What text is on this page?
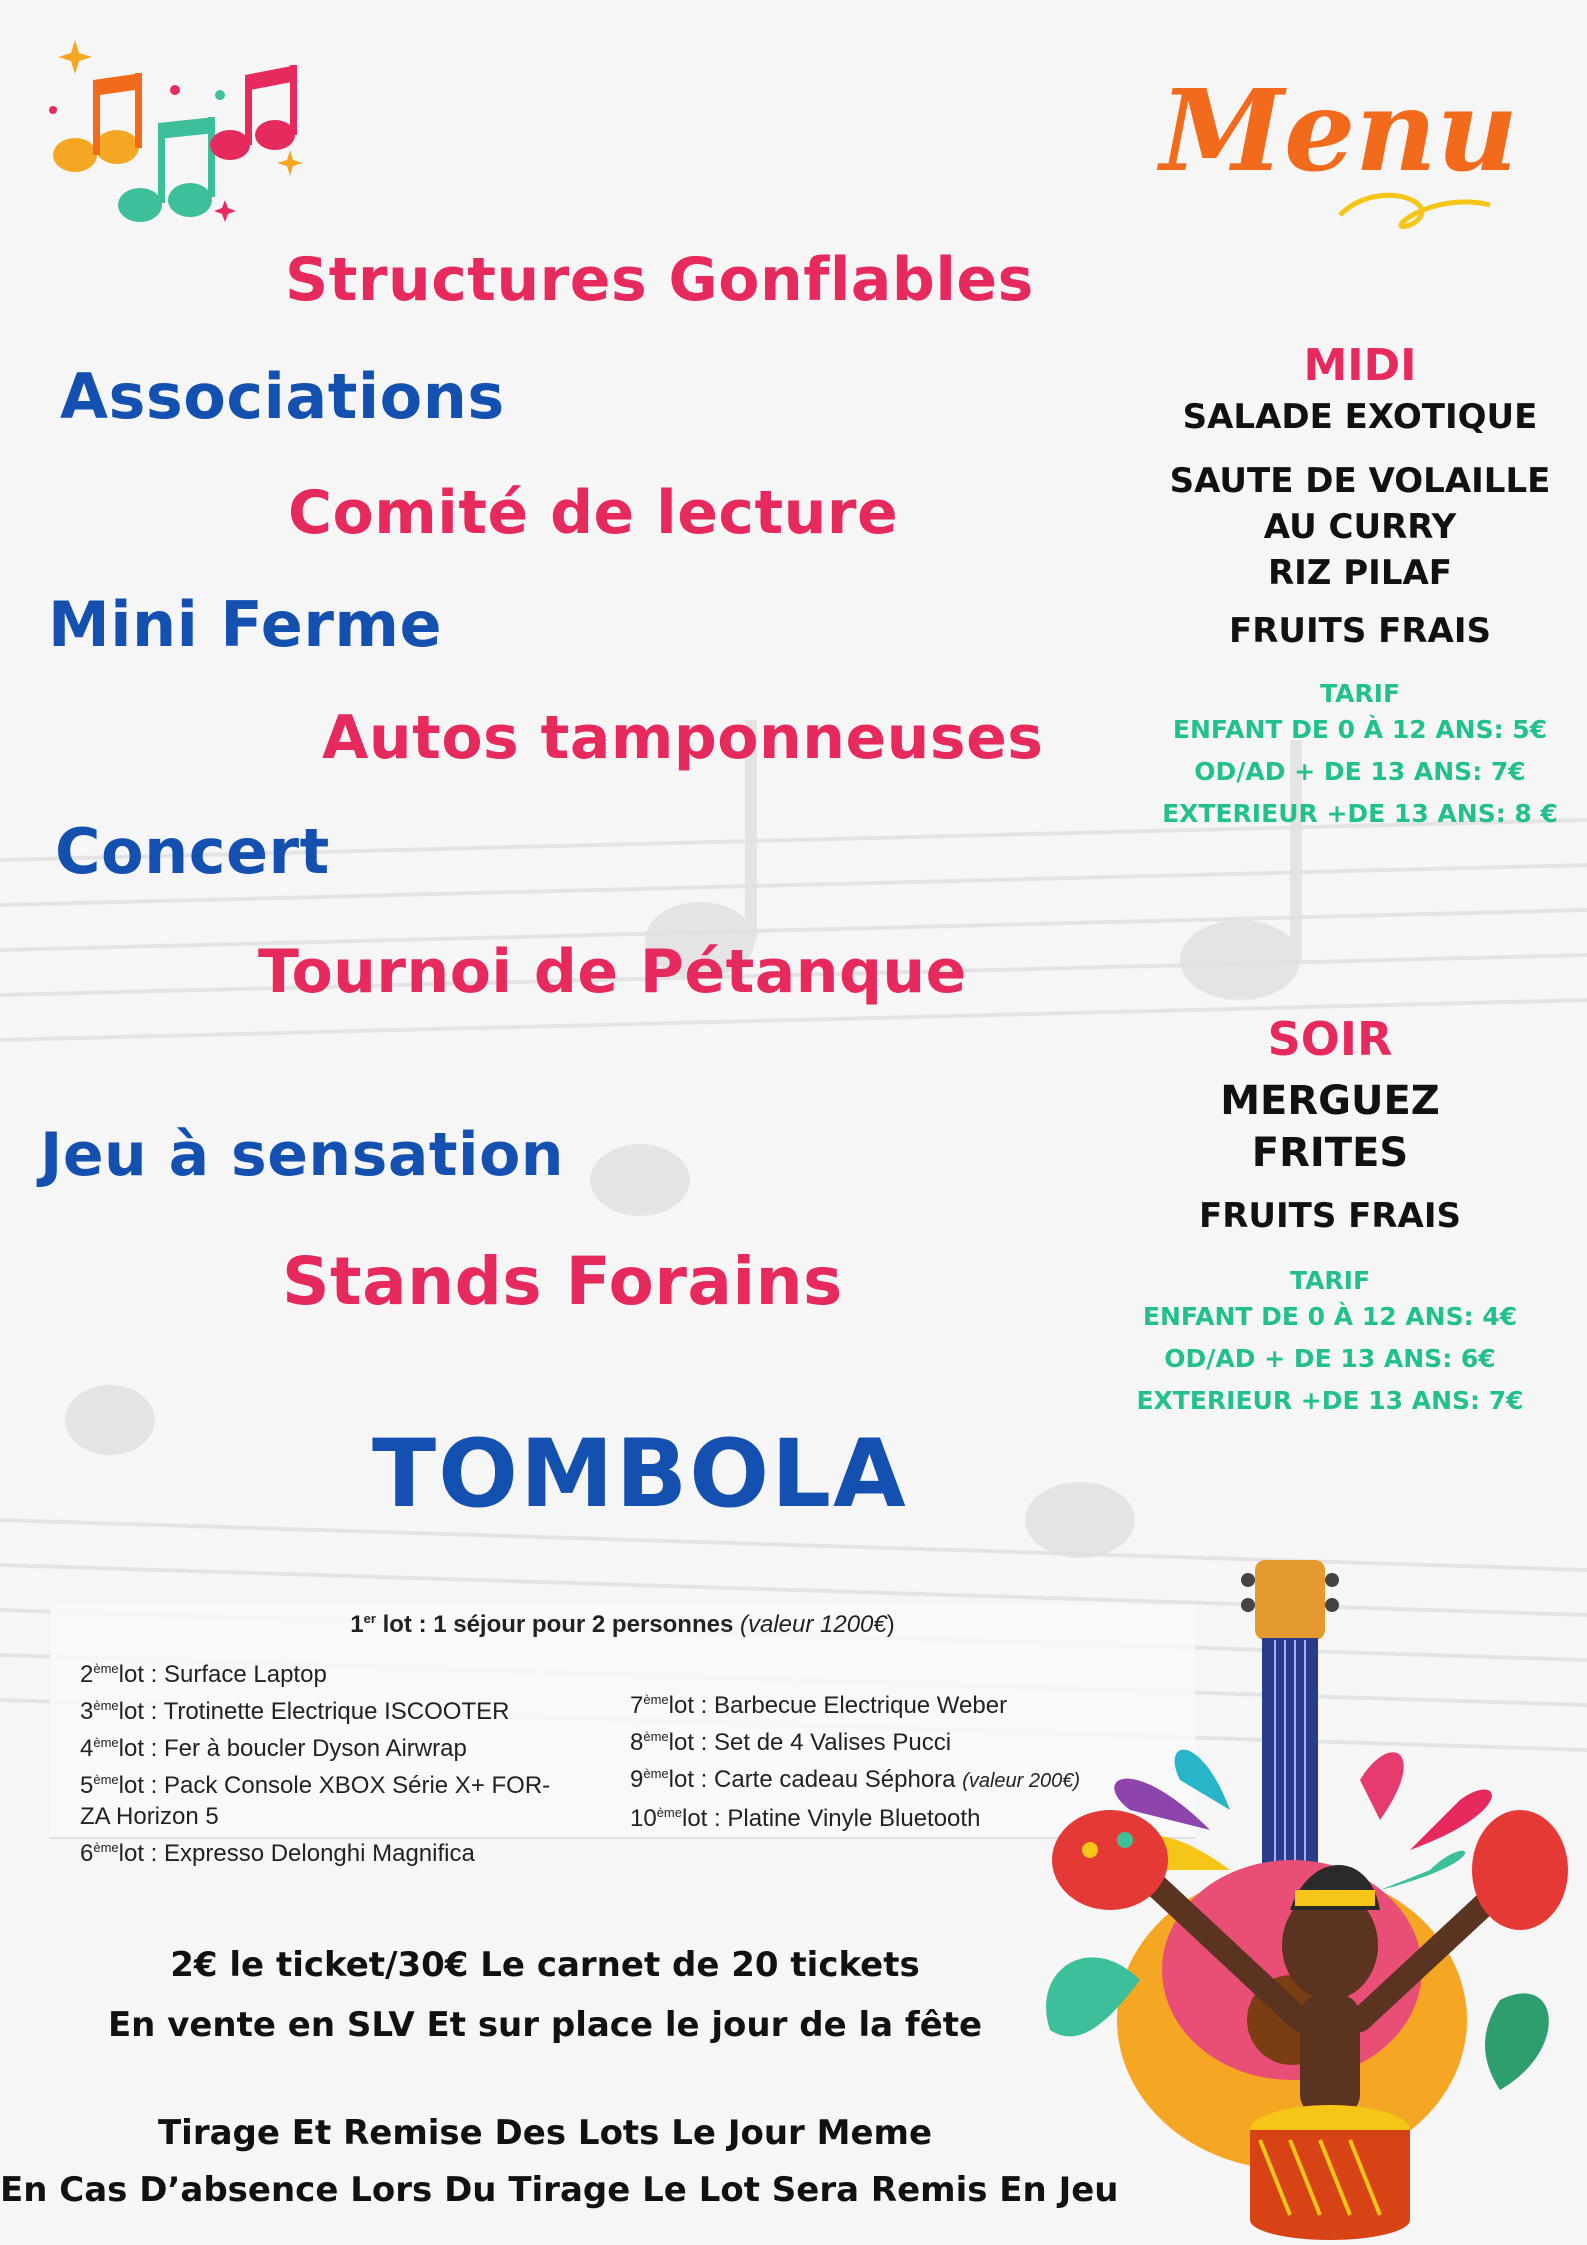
Structures Gonflables
Associations
Comité de lecture
Mini Ferme
Autos tamponneuses
Concert
Tournoi de Pétanque
Jeu à sensation
Stands Forains
Menu
MIDI
SALADE EXOTIQUE
SAUTE DE VOLAILLE
AU CURRY
RIZ PILAF
FRUITS FRAIS
TARIF
ENFANT DE 0 À 12 ANS: 5€
OD/AD + DE 13 ANS: 7€
EXTERIEUR +DE 13 ANS: 8 €
SOIR
MERGUEZ
FRITES
FRUITS FRAIS
TARIF
ENFANT DE 0 À 12 ANS: 4€
OD/AD + DE 13 ANS: 6€
EXTERIEUR +DE 13 ANS: 7€
TOMBOLA
1er lot : 1 séjour pour 2 personnes (valeur 1200€)
2èmelot : Surface Laptop
3èmelot : Trotinette Electrique ISCOOTER
4èmelot : Fer à boucler Dyson Airwrap
5èmelot : Pack Console XBOX Série X+ FOR-
ZA Horizon 5
6èmelot : Expresso Delonghi Magnifica
7èmelot : Barbecue Electrique Weber
8èmelot : Set de 4 Valises Pucci
9èmelot : Carte cadeau Séphora (valeur 200€)
10èmelot : Platine Vinyle Bluetooth
2€ le ticket/30€ Le carnet de 20 tickets
En vente en SLV Et sur place le jour de la fête
Tirage Et Remise Des Lots Le Jour Meme
En Cas D’absence Lors Du Tirage Le Lot Sera Remis En Jeu
